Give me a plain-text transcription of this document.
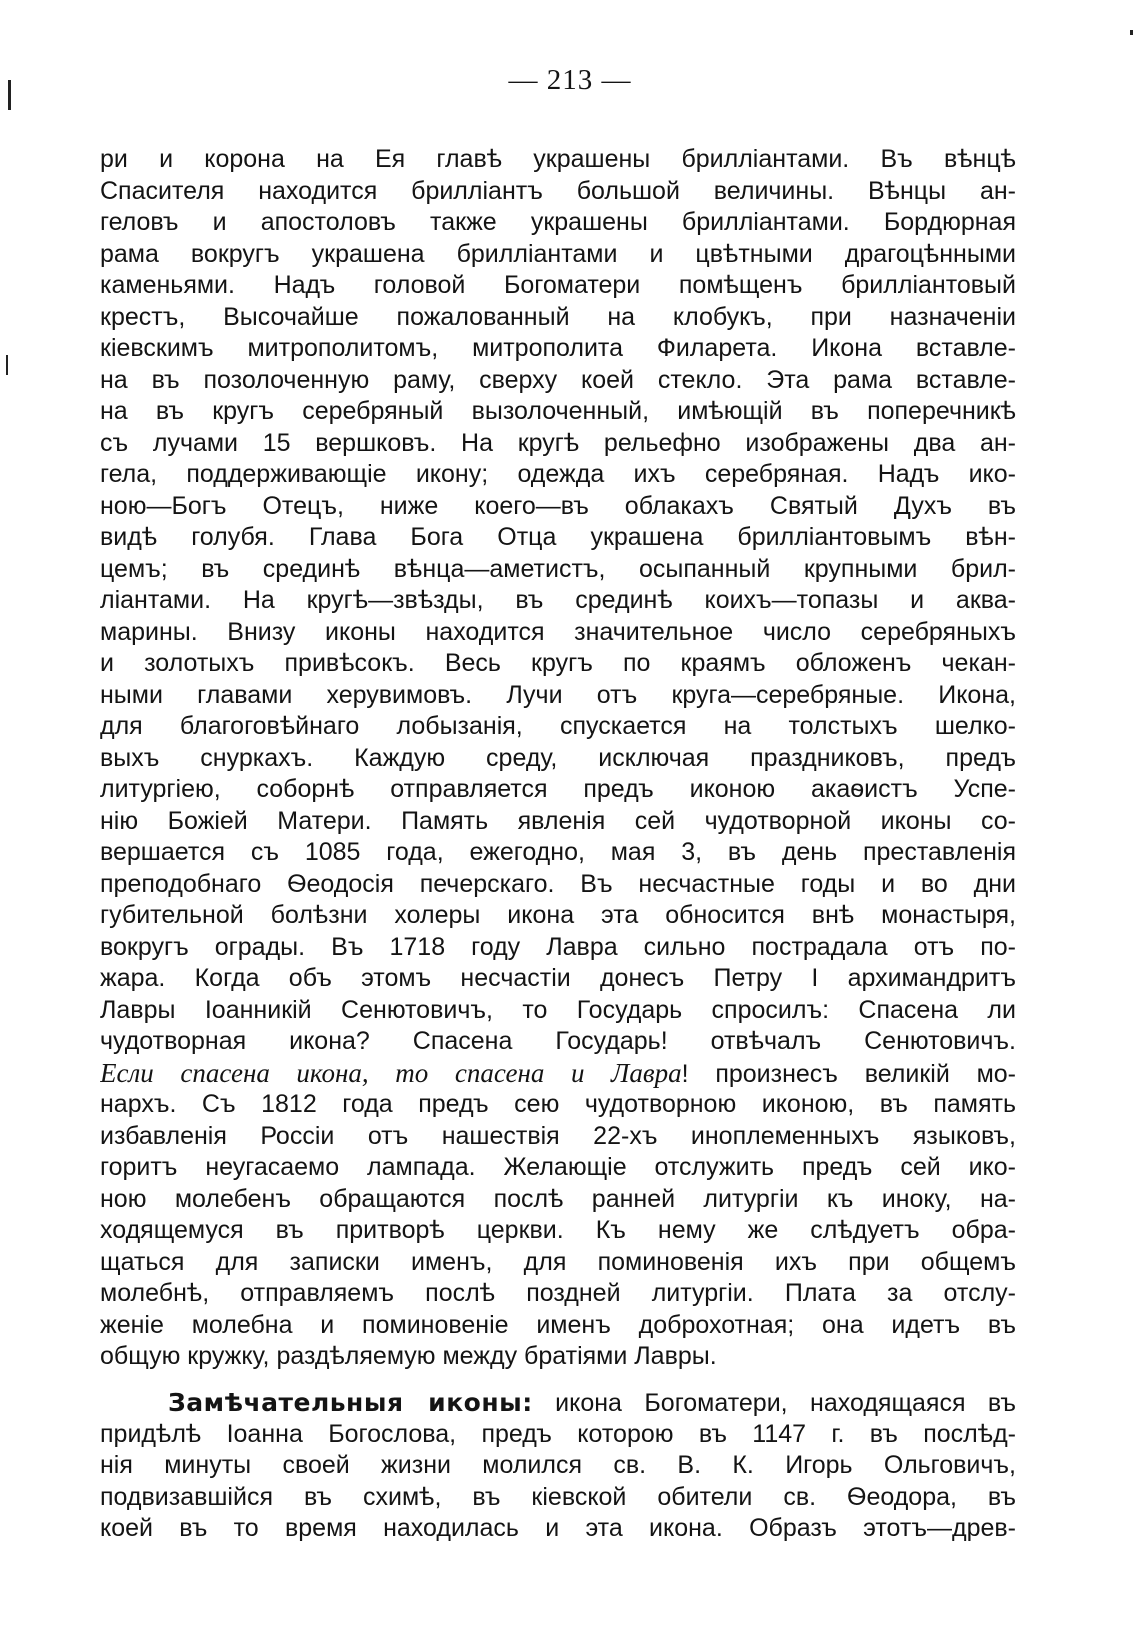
— 213 —
ри и корона на Ея главѣ украшены бриллiантами. Въ вѣнцѣ
Спасителя находится бриллiантъ большой величины. Вѣнцы ан-
геловъ и апостоловъ также украшены бриллiантами. Бордюрная
рама вокругъ украшена бриллiантами и цвѣтными драгоцѣнными
каменьями. Надъ головой Богоматери помѣщенъ бриллiантовый
крестъ, Высочайше пожалованный на клобукъ, при назначенiи
кiевскимъ митрополитомъ, митрополита Филарета. Икона вставле-
на въ позолоченную раму, сверху коей стекло. Эта рама вставле-
на въ кругъ серебряный вызолоченный, имѣющiй въ поперечникѣ
съ лучами 15 вершковъ. На кругѣ рельефно изображены два ан-
гела, поддерживающiе икону; одежда ихъ серебряная. Надъ ико-
ною—Богъ Отецъ, ниже коего—въ облакахъ Святый Духъ въ
видѣ голубя. Глава Бога Отца украшена бриллiантовымъ вѣн-
цемъ; въ срединѣ вѣнца—аметистъ, осыпанный крупными брил-
лiантами. На кругѣ—звѣзды, въ срединѣ коихъ—топазы и аква-
марины. Внизу иконы находится значительное число серебряныхъ
и золотыхъ привѣсокъ. Весь кругъ по краямъ обложенъ чекан-
ными главами херувимовъ. Лучи отъ круга—серебряные. Икона,
для благоговѣйнаго лобызанiя, спускается на толстыхъ шелко-
выхъ снуркахъ. Каждую среду, исключая праздниковъ, предъ
литургiею, соборнѣ отправляется предъ иконою акаѳистъ Успе-
нiю Божiей Матери. Память явленiя сей чудотворной иконы со-
вершается съ 1085 года, ежегодно, мая 3, въ день преставленiя
преподобнаго Ѳеодосiя печерскаго. Въ несчастные годы и во дни
губительной болѣзни холеры икона эта обносится внѣ монастыря,
вокругъ ограды. Въ 1718 году Лавра сильно пострадала отъ по-
жара. Когда объ этомъ несчастiи донесъ Петру I архимандритъ
Лавры Iоанникiй Сенютовичъ, то Государь спросилъ: Спасена ли
чудотворная икона? Спасена Государь! отвѣчалъ Сенютовичъ.
Если спасена икона, то спасена и Лавра! произнесъ великiй мо-
нархъ. Съ 1812 года предъ сею чудотворною иконою, въ память
избавленiя Россiи отъ нашествiя 22-хъ иноплеменныхъ языковъ,
горитъ неугасаемо лампада. Желающiе отслужить предъ сей ико-
ною молебенъ обращаются послѣ ранней литургiи къ иноку, на-
ходящемуся въ притворѣ церкви. Къ нему же слѣдуетъ обра-
щаться для записки именъ, для поминовенiя ихъ при общемъ
молебнѣ, отправляемъ послѣ поздней литургiи. Плата за отслу-
женiе молебна и поминовенiе именъ доброхотная; она идетъ въ
общую кружку, раздѣляемую между братiями Лавры.
Замѣчательныя иконы: икона Богоматери, находящаяся въ
придѣлѣ Iоанна Богослова, предъ которою въ 1147 г. въ послѣд-
нiя минуты своей жизни молился св. В. К. Игорь Ольговичъ,
подвизавшiйся въ схимѣ, въ кiевской обители св. Ѳеодора, въ
коей въ то время находилась и эта икона. Образъ этотъ—древ-
